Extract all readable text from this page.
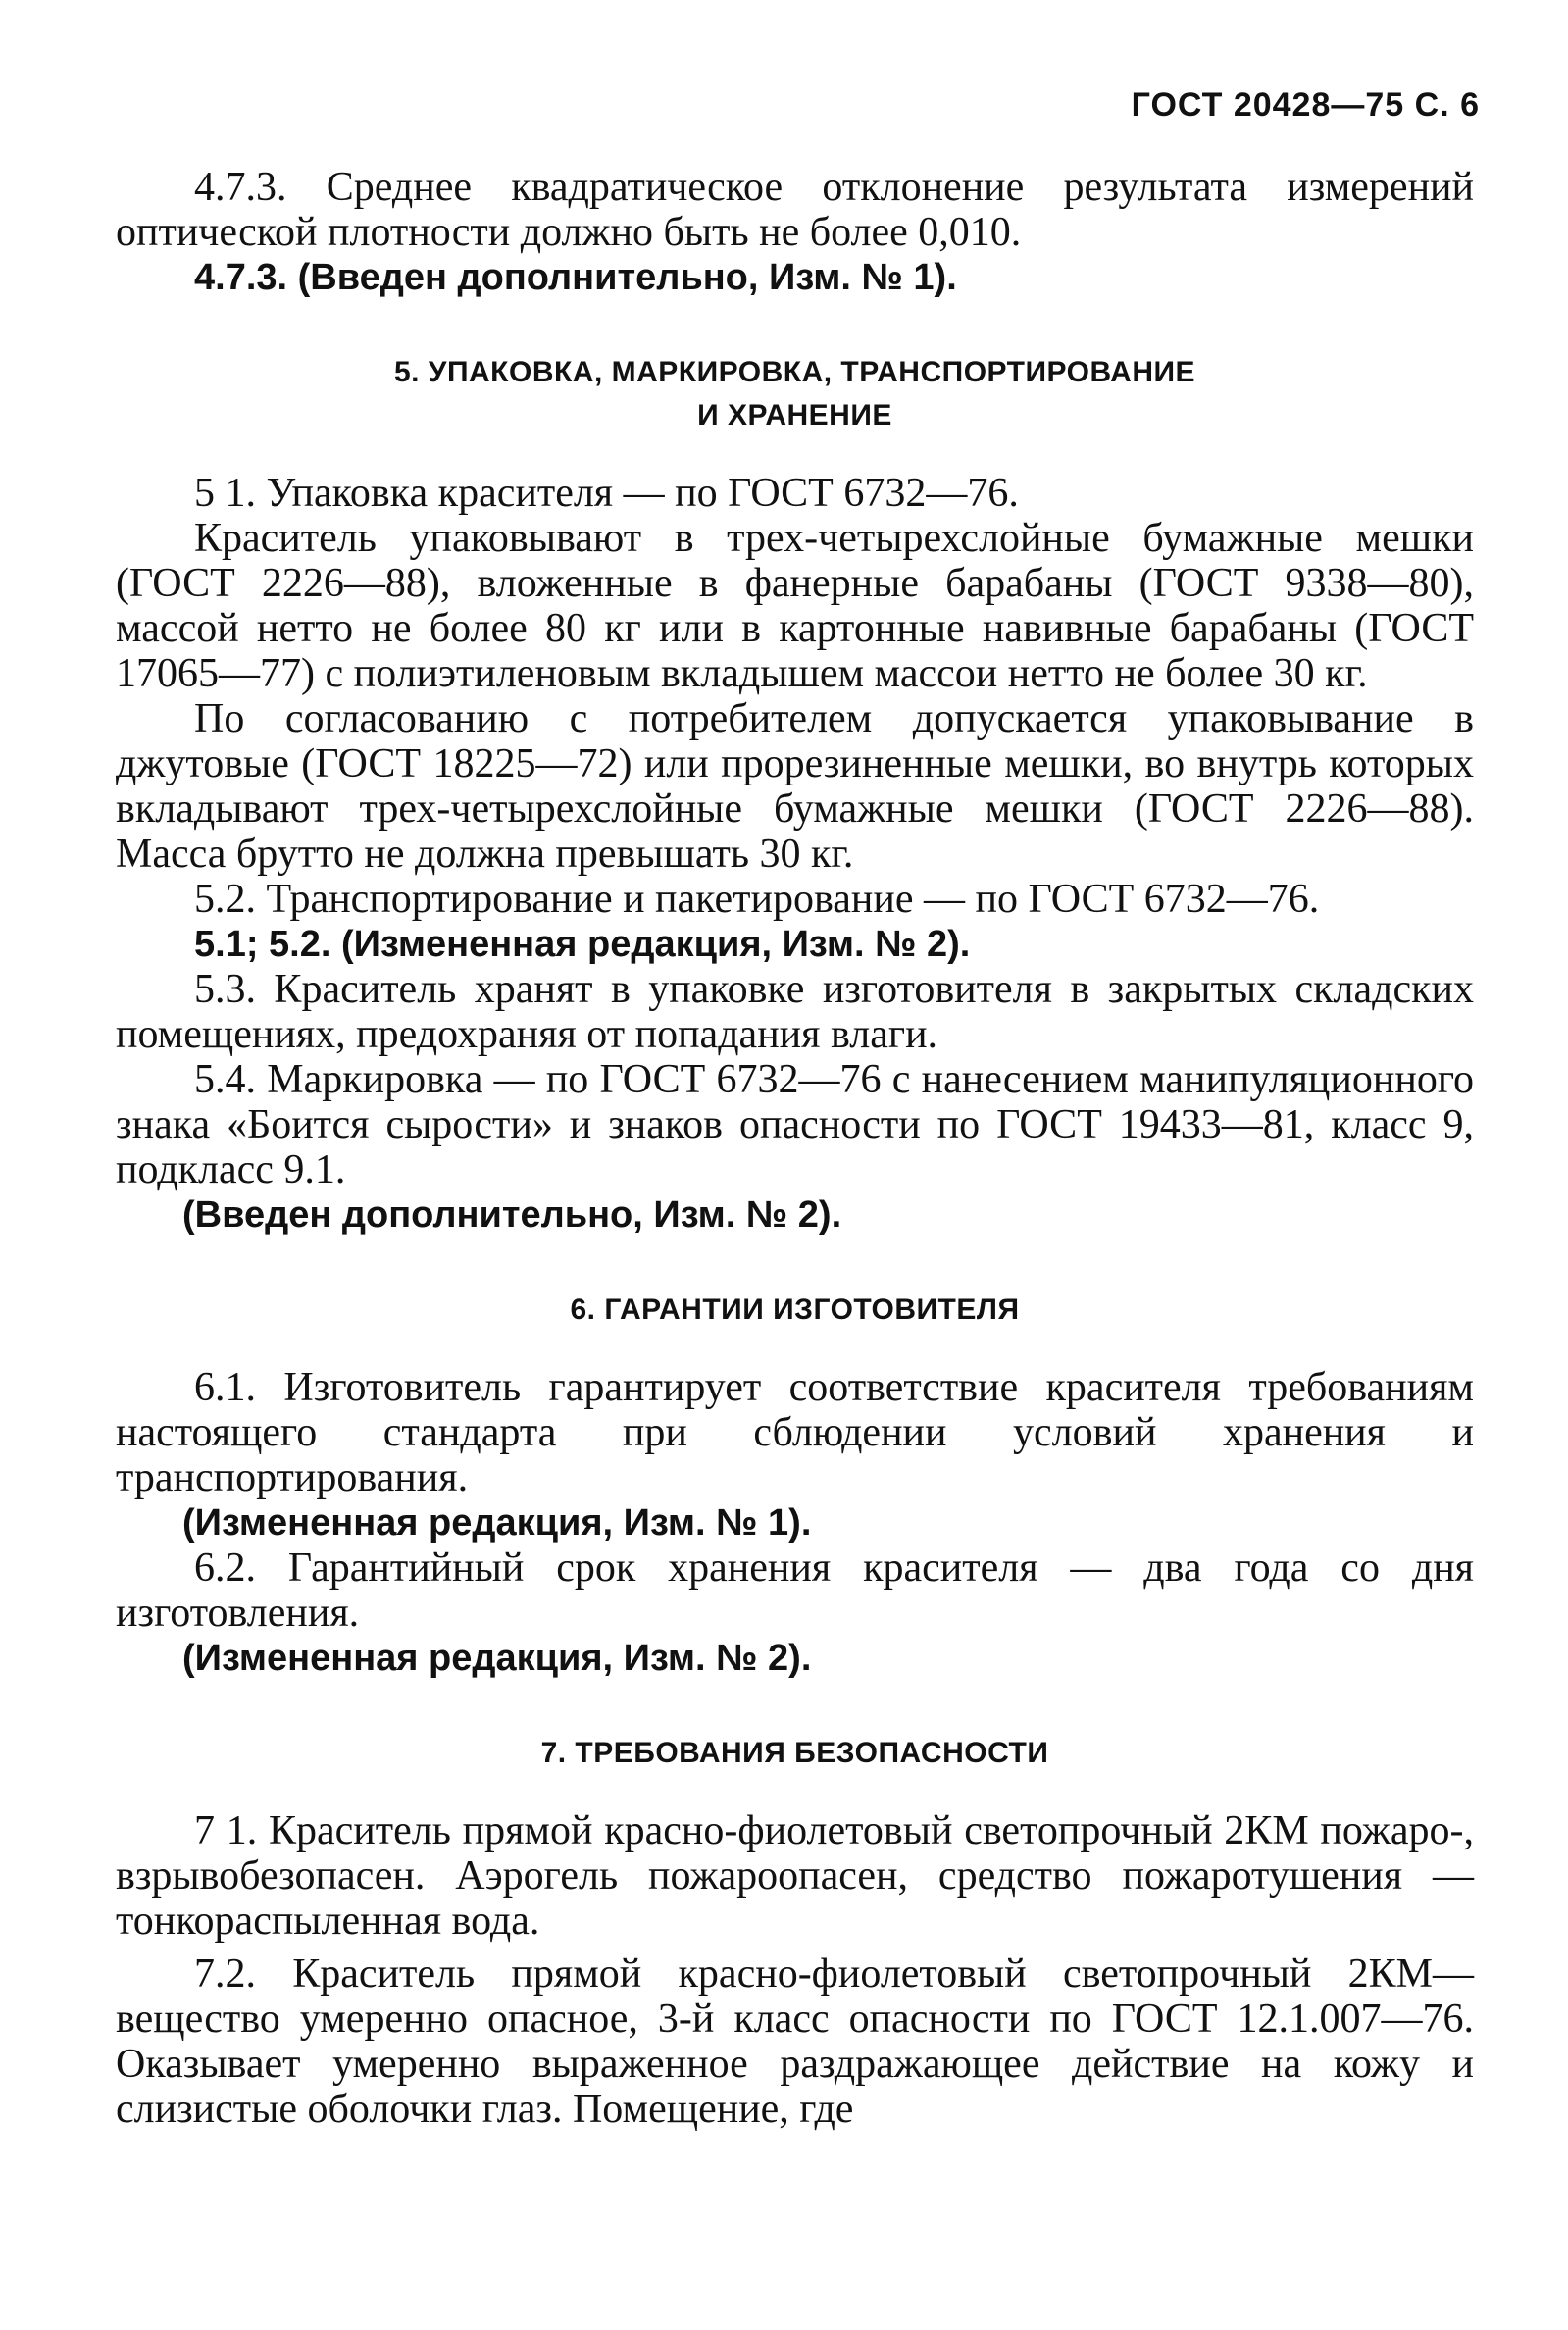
ГОСТ 20428—75 С. 6

4.7.3. Среднее квадратическое отклонение результата измерений оптической плотности должно быть не более 0,010.

4.7.3. (Введен дополнительно, Изм. № 1).

5. УПАКОВКА, МАРКИРОВКА, ТРАНСПОРТИРОВАНИЕ
И ХРАНЕНИЕ

5 1. Упаковка красителя — по ГОСТ 6732—76.

Краситель упаковывают в трех-четырехслойные бумажные мешки (ГОСТ 2226—88), вложенные в фанерные барабаны (ГОСТ 9338—80), массой нетто не более 80 кг или в картонные навивные барабаны (ГОСТ 17065—77) с полиэтиленовым вкладышем массои нетто не более 30 кг.

По согласованию с потребителем допускается упаковывание в джутовые (ГОСТ 18225—72) или прорезиненные мешки, во внутрь которых вкладывают трех-четырехслойные бумажные мешки (ГОСТ 2226—88). Масса брутто не должна превышать 30 кг.

5.2. Транспортирование и пакетирование — по ГОСТ 6732—76.

5.1; 5.2. (Измененная редакция, Изм. № 2).

5.3. Краситель хранят в упаковке изготовителя в закрытых складских помещениях, предохраняя от попадания влаги.

5.4. Маркировка — по ГОСТ 6732—76 с нанесением манипуляционного знака «Боится сырости» и знаков опасности по ГОСТ 19433—81, класс 9, подкласс 9.1.

(Введен дополнительно, Изм. № 2).

6. ГАРАНТИИ ИЗГОТОВИТЕЛЯ

6.1. Изготовитель гарантирует соответствие красителя требованиям настоящего стандарта при сблюдении условий хранения и транспортирования.

(Измененная редакция, Изм. № 1).

6.2. Гарантийный срок хранения красителя — два года со дня изготовления.

(Измененная редакция, Изм. № 2).

7. ТРЕБОВАНИЯ БЕЗОПАСНОСТИ

7 1. Краситель прямой красно-фиолетовый светопрочный 2КМ пожаро-, взрывобезопасен. Аэрогель пожароопасен, средство пожаротушения — тонкораспыленная вода.

7.2. Краситель прямой красно-фиолетовый светопрочный 2КМ— вещество умеренно опасное, 3-й класс опасности по ГОСТ 12.1.007—76. Оказывает умеренно выраженное раздражающее действие на кожу и слизистые оболочки глаз. Помещение, где
